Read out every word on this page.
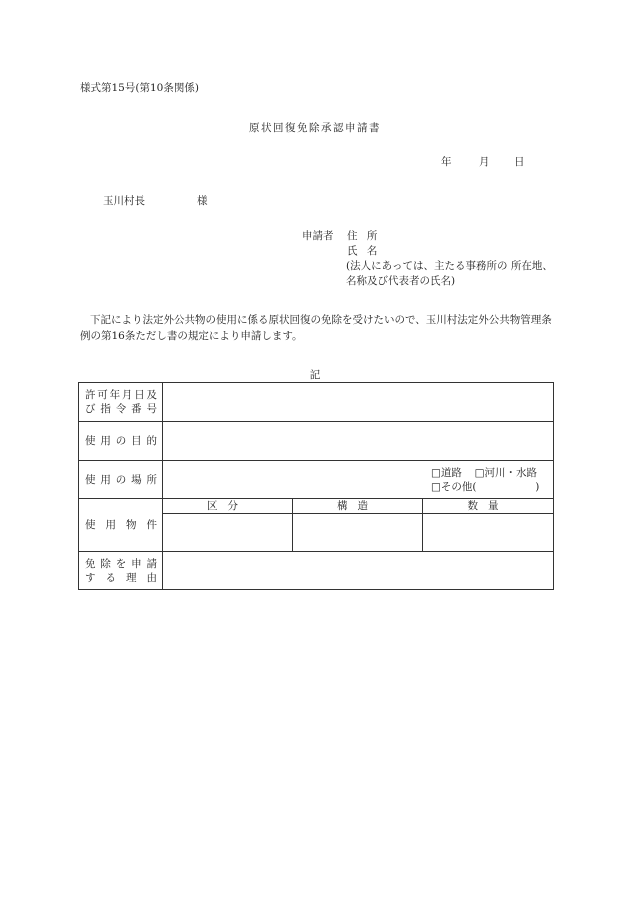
様式第15号(第10条関係)
原状回復免除承認申請書
年	月 日
玉川村長	様
申請者 住 所
氏 名
(法人にあっては、主たる事務所の 所在地、名称及び代表者の氏名)
下記により法定外公共物の使用に係る原状回復の免除を受けたいので、玉川村法定外公共物管理条例の第16条ただし書の規定により申請します。
記
許可年月日及
び指令番号			

使用の目的			
使用の場所	□道路 □河川・水路
□その他( )		

使用物件	区分	構造	数量

免除を申請
する理由			
